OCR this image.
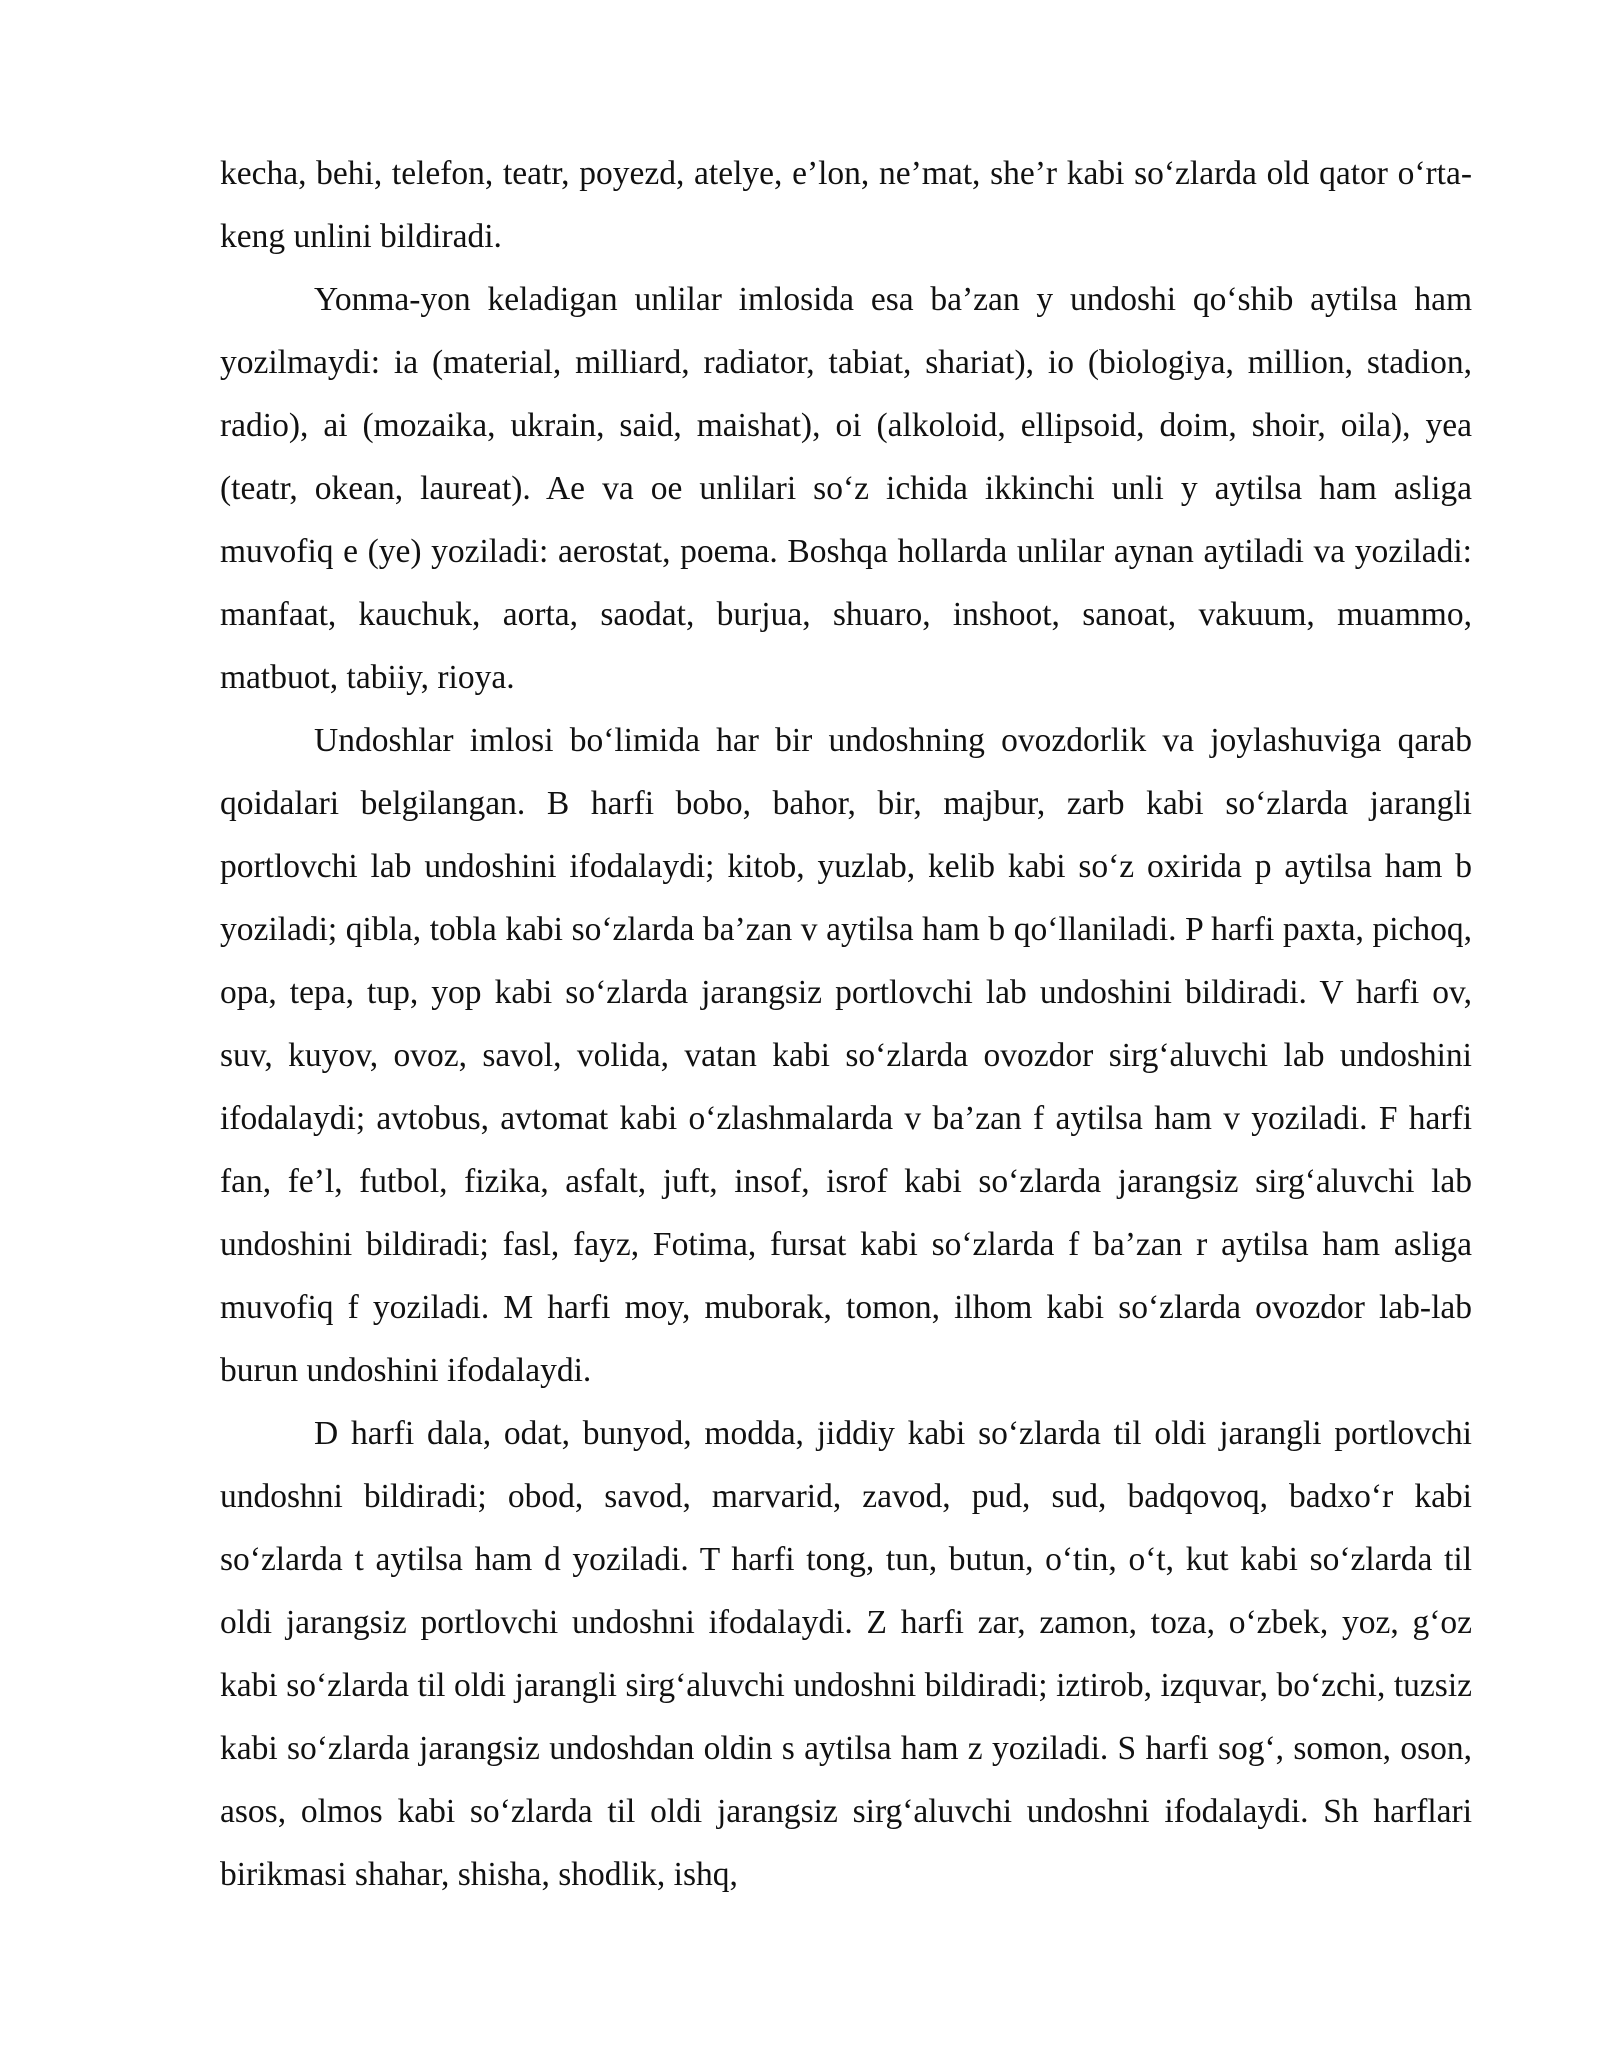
kecha, behi, telefon, teatr, poyezd, atelye, e’lon, ne’mat, she’r kabi so‘zlarda old qator o‘rta-keng unlini bildiradi.

Yonma-yon keladigan unlilar imlosida esa ba’zan y undoshi qo‘shib aytilsa ham yozilmaydi: ia (material, milliard, radiator, tabiat, shariat), io (biologiya, million, stadion, radio), ai (mozaika, ukrain, said, maishat), oi (alkoloid, ellipsoid, doim, shoir, oila), yea (teatr, okean, laureat). Ae va oe unlilari so‘z ichida ikkinchi unli y aytilsa ham asliga muvofiq e (ye) yoziladi: aerostat, poema. Boshqa hollarda unlilar aynan aytiladi va yoziladi: manfaat, kauchuk, aorta, saodat, burjua, shuaro, inshoot, sanoat, vakuum, muammo, matbuot, tabiiy, rioya.

Undoshlar imlosi bo‘limida har bir undoshning ovozdorlik va joylashuviga qarab qoidalari belgilangan. B harfi bobo, bahor, bir, majbur, zarb kabi so‘zlarda jarangli portlovchi lab undoshini ifodalaydi; kitob, yuzlab, kelib kabi so‘z oxirida p aytilsa ham b yoziladi; qibla, tobla kabi so‘zlarda ba’zan v aytilsa ham b qo‘llaniladi. P harfi paxta, pichoq, opa, tepa, tup, yop kabi so‘zlarda jarangsiz portlovchi lab undoshini bildiradi. V harfi ov, suv, kuyov, ovoz, savol, volida, vatan kabi so‘zlarda ovozdor sirg‘aluvchi lab undoshini ifodalaydi; avtobus, avtomat kabi o‘zlashmalarda v ba’zan f aytilsa ham v yoziladi. F harfi fan, fe’l, futbol, fizika, asfalt, juft, insof, isrof kabi so‘zlarda jarangsiz sirg‘aluvchi lab undoshini bildiradi; fasl, fayz, Fotima, fursat kabi so‘zlarda f ba’zan r aytilsa ham asliga muvofiq f yoziladi. M harfi moy, muborak, tomon, ilhom kabi so‘zlarda ovozdor lab-lab burun undoshini ifodalaydi.

D harfi dala, odat, bunyod, modda, jiddiy kabi so‘zlarda til oldi jarangli portlovchi undoshni bildiradi; obod, savod, marvarid, zavod, pud, sud, badqovoq, badxo‘r kabi so‘zlarda t aytilsa ham d yoziladi. T harfi tong, tun, butun, o‘tin, o‘t, kut kabi so‘zlarda til oldi jarangsiz portlovchi undoshni ifodalaydi. Z harfi zar, zamon, toza, o‘zbek, yoz, g‘oz kabi so‘zlarda til oldi jarangli sirg‘aluvchi undoshni bildiradi; iztirob, izquvar, bo‘zchi, tuzsiz kabi so‘zlarda jarangsiz undoshdan oldin s aytilsa ham z yoziladi. S harfi sog‘, somon, oson, asos, olmos kabi so‘zlarda til oldi jarangsiz sirg‘aluvchi undoshni ifodalaydi. Sh harflari birikmasi shahar, shisha, shodlik, ishq,
